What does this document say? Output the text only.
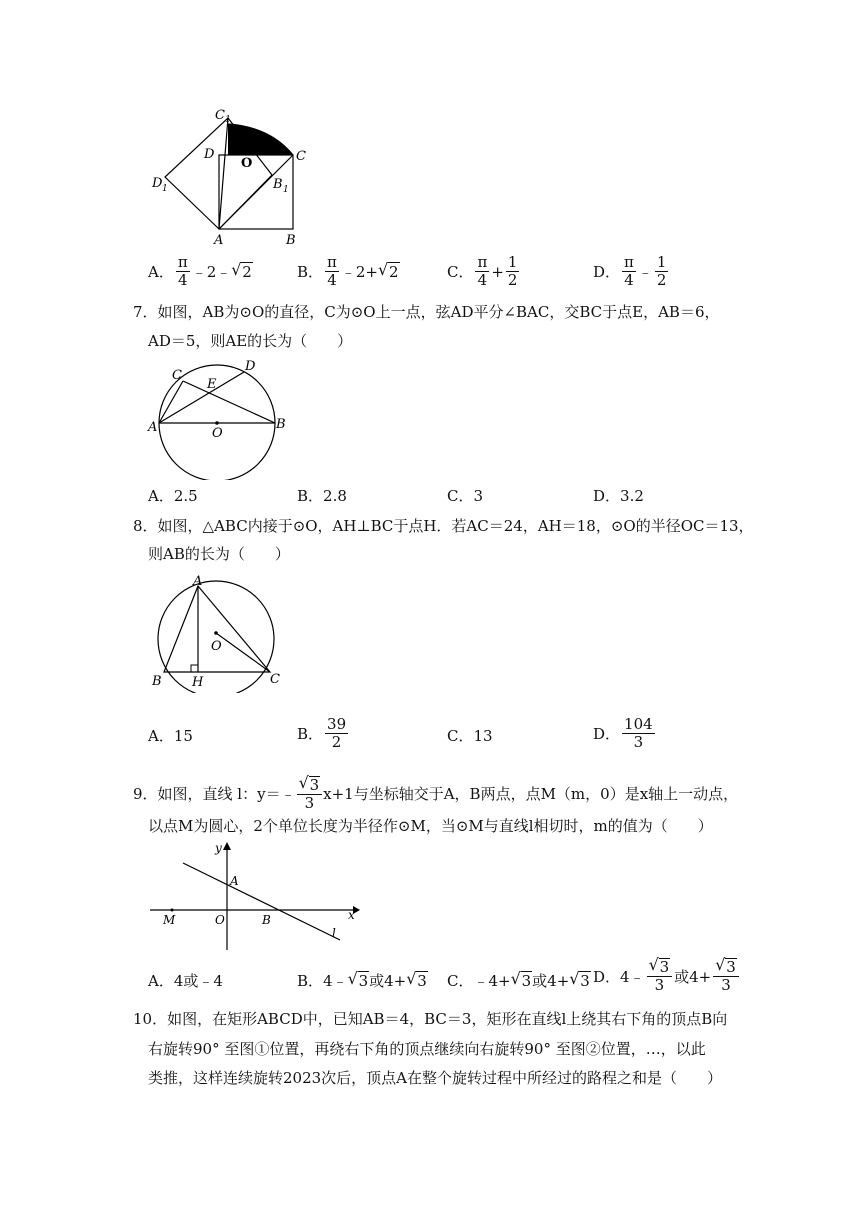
C 1
D
O	C
D 1	B 1
A	B
A． $\frac{\pi}{4}$ ﹣2﹣ √ 2	B． $\frac{\pi}{4}$ ﹣2+ √ 2	C． $\frac{\pi}{4} + \frac{1}{2}$	D． $\frac{\pi}{4}$ ﹣ $\frac{1}{2}$
7．如图，AB为⊙O的直径，C为⊙O上一点，弦AD平分∠BAC，交BC于点E，AB＝6，
AD＝5，则AE的长为（　　）
C
E
D
A	O
B
A．2.5	B．2.8	C．3	D．3.2
8．如图，△ABC内接于⊙O，AH⊥BC于点H．若AC＝24，AH＝18，⊙O的半径OC＝13，
则AB的长为（　　）
A
O
B H	C
A．15	B． $\frac{39}{2}$	C．13	D． $\frac{104}{3}$
9．如图，直线 l：y＝﹣ √ $\frac{3}{3} x+1$与坐标轴交于A，B两点，点M（m，0）是x轴上一动点，
以点M为圆心，2个单位长度为半径作⊙M，当⊙M与直线l相切时，m的值为（　　）
y
A
M	O	B	x
l
A．4或﹣4	B． 4﹣ √ 3 或4+ √ 3 C． ﹣4+ √ 3 或4+ √ 3 D． 4﹣ √ $\frac{3}{3}$ 或4+ √ $\frac{3}{3}$
10．如图，在矩形ABCD中，已知AB＝4，BC＝3，矩形在直线l上绕其右下角的顶点B向
右旋转90° 至图①位置，再绕右下角的顶点继续向右旋转90° 至图②位置，…，以此
类推，这样连续旋转2023次后，顶点A在整个旋转过程中所经过的路程之和是（　　）
